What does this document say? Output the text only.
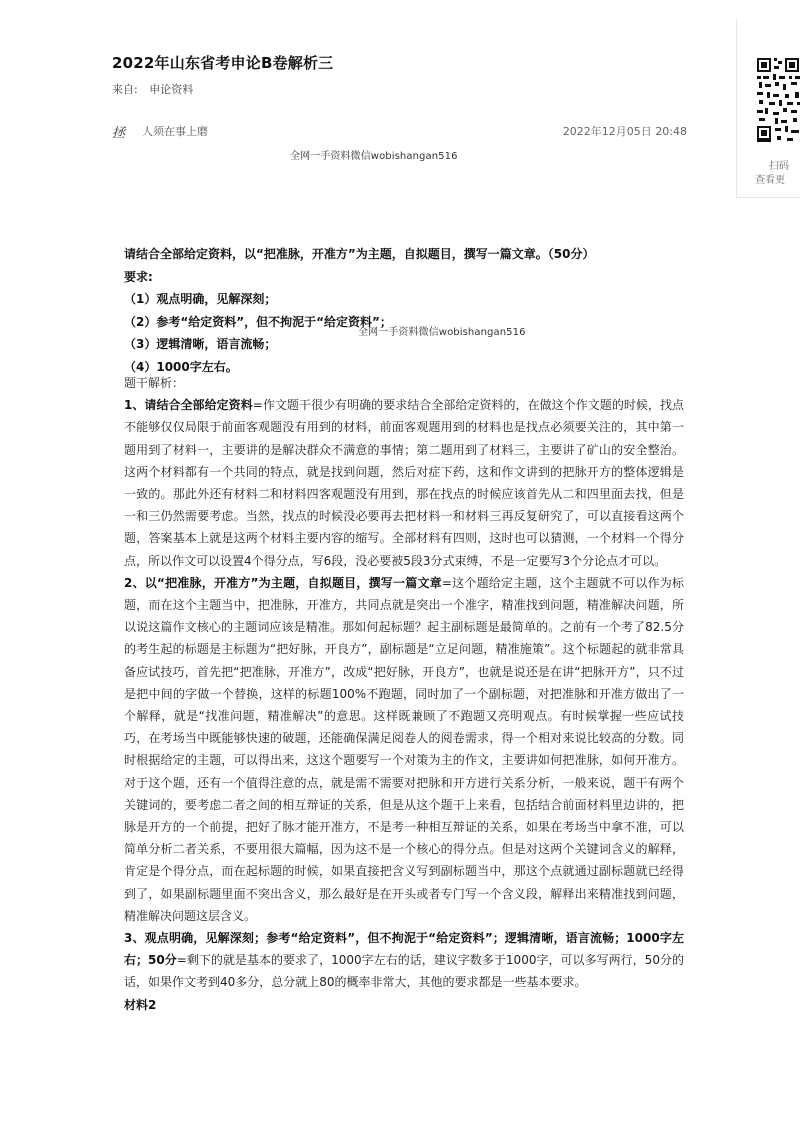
2022年山东省考申论B卷解析三
来自: 申论资料
拯 人须在事上磨	2022年12月05日 20:48
全网一手资料微信wobishangan516

请结合全部给定资料，以“把准脉，开准方”为主题，自拟题目，撰写一篇文章。（50分）

要求:

（1）观点明确，见解深刻；

（2）参考“给定资料”，但不拘泥于“给定资料”；

（3）逻辑清晰，语言流畅；

（4）1000字左右。

全网一手资料微信wobishangan516

题干解析：

1、请结合全部给定资料=作文题干很少有明确的要求结合全部给定资料的，在做这个作文题的时候，找点不能够仅仅局限于前面客观题没有用到的材料，前面客观题用到的材料也是找点必须要关注的，其中第一题用到了材料一，主要讲的是解决群众不满意的事情；第二题用到了材料三，主要讲了矿山的安全整治。这两个材料都有一个共同的特点，就是找到问题，然后对症下药，这和作文讲到的把脉开方的整体逻辑是一致的。那此外还有材料二和材料四客观题没有用到，那在找点的时候应该首先从二和四里面去找，但是一和三仍然需要考虑。当然，找点的时候没必要再去把材料一和材料三再反复研究了，可以直接看这两个题，答案基本上就是这两个材料主要内容的缩写。全部材料有四则，这时也可以猜测，一个材料一个得分点，所以作文可以设置4个得分点，写6段，没必要被5段3分式束缚，不是一定要写3个分论点才可以。

2、以“把准脉，开准方”为主题，自拟题目，撰写一篇文章=这个题给定主题，这个主题就不可以作为标题，而在这个主题当中，把准脉，开准方，共同点就是突出一个准字，精准找到问题，精准解决问题，所以说这篇作文核心的主题词应该是精准。那如何起标题？起主副标题是最简单的。之前有一个考了82.5分的考生起的标题是主标题为“把好脉，开良方”，副标题是“立足问题，精准施策”。这个标题起的就非常具备应试技巧，首先把“把准脉，开准方”，改成“把好脉，开良方”，也就是说还是在讲“把脉开方”，只不过是把中间的字做一个替换，这样的标题100%不跑题，同时加了一个副标题，对把准脉和开准方做出了一个解释，就是“找准问题，精准解决”的意思。这样既兼顾了不跑题又亮明观点。有时候掌握一些应试技巧，在考场当中既能够快速的破题，还能确保满足阅卷人的阅卷需求，得一个相对来说比较高的分数。同时根据给定的主题，可以得出来，这这个题要写一个对策为主的作文，主要讲如何把准脉，如何开准方。对于这个题，还有一个值得注意的点，就是需不需要对把脉和开方进行关系分析，一般来说，题干有两个关键词的，要考虑二者之间的相互辩证的关系，但是从这个题干上来看，包括结合前面材料里边讲的，把脉是开方的一个前提，把好了脉才能开准方，不是考一种相互辩证的关系，如果在考场当中拿不准，可以简单分析二者关系，不要用很大篇幅，因为这不是一个核心的得分点。但是对这两个关键词含义的解释，肯定是个得分点，而在起标题的时候，如果直接把含义写到副标题当中，那这个点就通过副标题就已经得到了，如果副标题里面不突出含义，那么最好是在开头或者专门写一个含义段，解释出来精准找到问题，精准解决问题这层含义。

3、观点明确，见解深刻；参考“给定资料”，但不拘泥于“给定资料”；逻辑清晰，语言流畅；1000字左右；50分=剩下的就是基本的要求了，1000字左右的话，建议字数多于1000字，可以多写两行，50分的话，如果作文考到40多分，总分就上80的概率非常大，其他的要求都是一些基本要求。

材料2

扫码
查看更
